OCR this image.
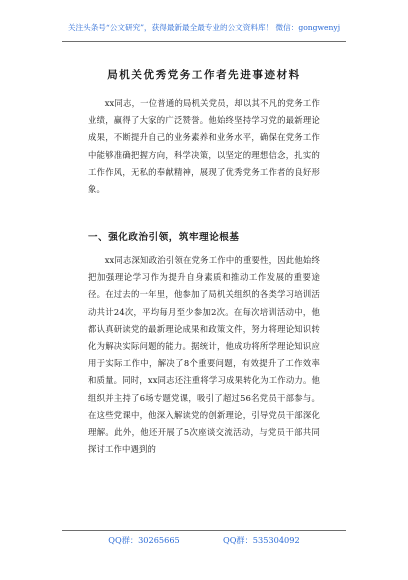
关注头条号“公文研究”，获得最新最全最专业的公文资料库！ 微信：gongwenyj
局机关优秀党务工作者先进事迹材料

xx同志，一位普通的局机关党员，却以其不凡的党务工作业绩，赢得了大家的广泛赞誉。他始终坚持学习党的最新理论成果，不断提升自己的业务素养和业务水平，确保在党务工作中能够准确把握方向，科学决策，以坚定的理想信念，扎实的工作作风，无私的奉献精神，展现了优秀党务工作者的良好形象。

一、强化政治引领，筑牢理论根基

xx同志深知政治引领在党务工作中的重要性，因此他始终把加强理论学习作为提升自身素质和推动工作发展的重要途径。在过去的一年里，他参加了局机关组织的各类学习培训活动共计24次，平均每月至少参加2次。在每次培训活动中，他都认真研读党的最新理论成果和政策文件，努力将理论知识转化为解决实际问题的能力。据统计，他成功将所学理论知识应用于实际工作中，解决了8个重要问题，有效提升了工作效率和质量。同时，xx同志还注重将学习成果转化为工作动力。他组织并主持了6场专题党课，吸引了超过56名党员干部参与。在这些党课中，他深入解读党的创新理论，引导党员干部深化理解。此外，他还开展了5次座谈交流活动，与党员干部共同探讨工作中遇到的

QQ群：30265665	QQ群：535304092
